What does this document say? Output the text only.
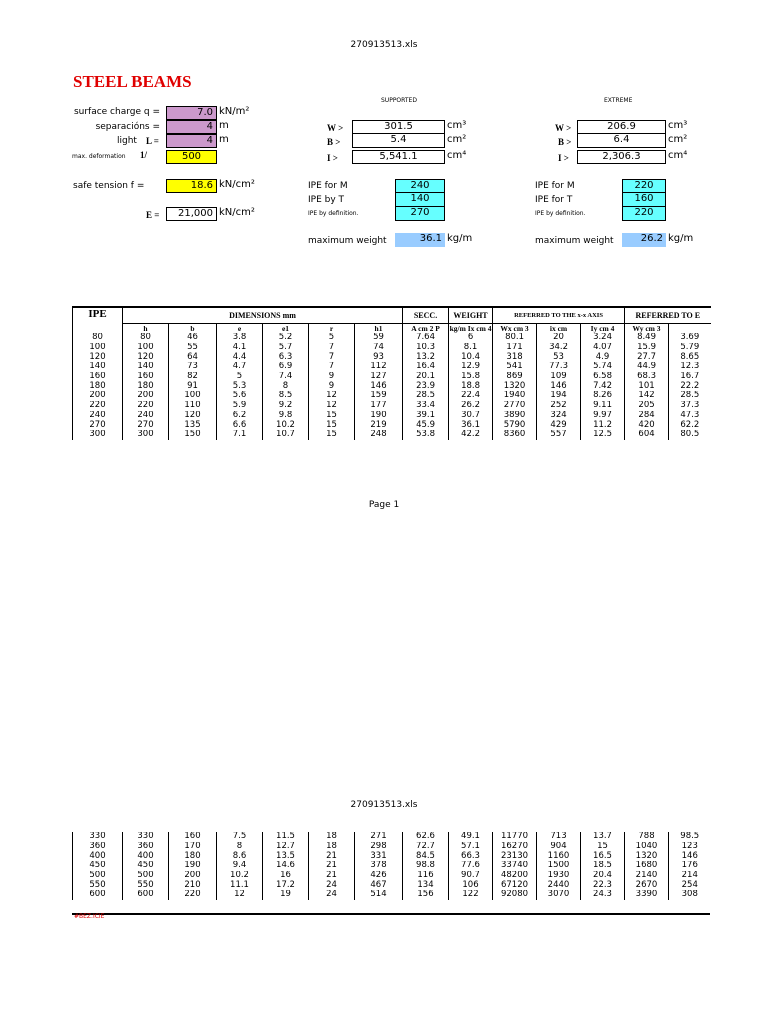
270913513.xls
STEEL BEAMS
surface charge q =	7.0 kN/m²
separacións =	4 m
light L =	4 m
max. deformation 1/	500
safe tension f =	18.6 kN/cm²
E =	21,000 kN/cm²
SUPPORTED
W >	301.5	cm³
B >	5.4	cm²
I >	5,541.1	cm⁴
IPE for M	240
IPE by T	140
IPE by definition.	270
maximum weight	36.1 kg/m
EXTREME
W >	206.9	cm³
B >	6.4	cm²
I >	2,306.3	cm⁴
IPE for M	220
IPE for T	160
IPE by definition.	220
maximum weight	26.2 kg/m
IPE	DIMENSIONS mm						SECC.	WEIGHT	REFERRED TO THE x-x AXIS			REFERRED TO E	
	h	b	e	e1	r	h1	A cm 2 P	kg/m Ix cm 4	Wx cm 3	ix cm	Iy cm 4	Wy cm 3	
80	80	46	3.8	5.2	5	59	7.64	6	80.1	20	3.24	8.49	3.69
100	100	55	4.1	5.7	7	74	10.3	8.1	171	34.2	4.07	15.9	5.79
120	120	64	4.4	6.3	7	93	13.2	10.4	318	53	4.9	27.7	8.65
140	140	73	4.7	6.9	7	112	16.4	12.9	541	77.3	5.74	44.9	12.3
160	160	82	5	7.4	9	127	20.1	15.8	869	109	6.58	68.3	16.7
180	180	91	5.3	8	9	146	23.9	18.8	1320	146	7.42	101	22.2
200	200	100	5.6	8.5	12	159	28.5	22.4	1940	194	8.26	142	28.5
220	220	110	5.9	9.2	12	177	33.4	26.2	2770	252	9.11	205	37.3
240	240	120	6.2	9.8	15	190	39.1	30.7	3890	324	9.97	284	47.3
270	270	135	6.6	10.2	15	219	45.9	36.1	5790	429	11.2	420	62.2
300	300	150	7.1	10.7	15	248	53.8	42.2	8360	557	12.5	604	80.5
Page 1
270913513.xls
330	330	160	7.5	11.5	18	271	62.6	49.1	11770	713	13.7	788	98.5
360	360	170	8	12.7	18	298	72.7	57.1	16270	904	15	1040	123
400	400	180	8.6	13.5	21	331	84.5	66.3	23130	1160	16.5	1320	146
450	450	190	9.4	14.6	21	378	98.8	77.6	33740	1500	18.5	1680	176
500	500	200	10.2	16	21	426	116	90.7	48200	1930	20.4	2140	214
550	550	210	11.1	17.2	24	467	134	106	67120	2440	22.3	2670	254
600	600	220	12	19	24	514	156	122	92080	3070	24.3	3390	308
#BEZ.ICIE
